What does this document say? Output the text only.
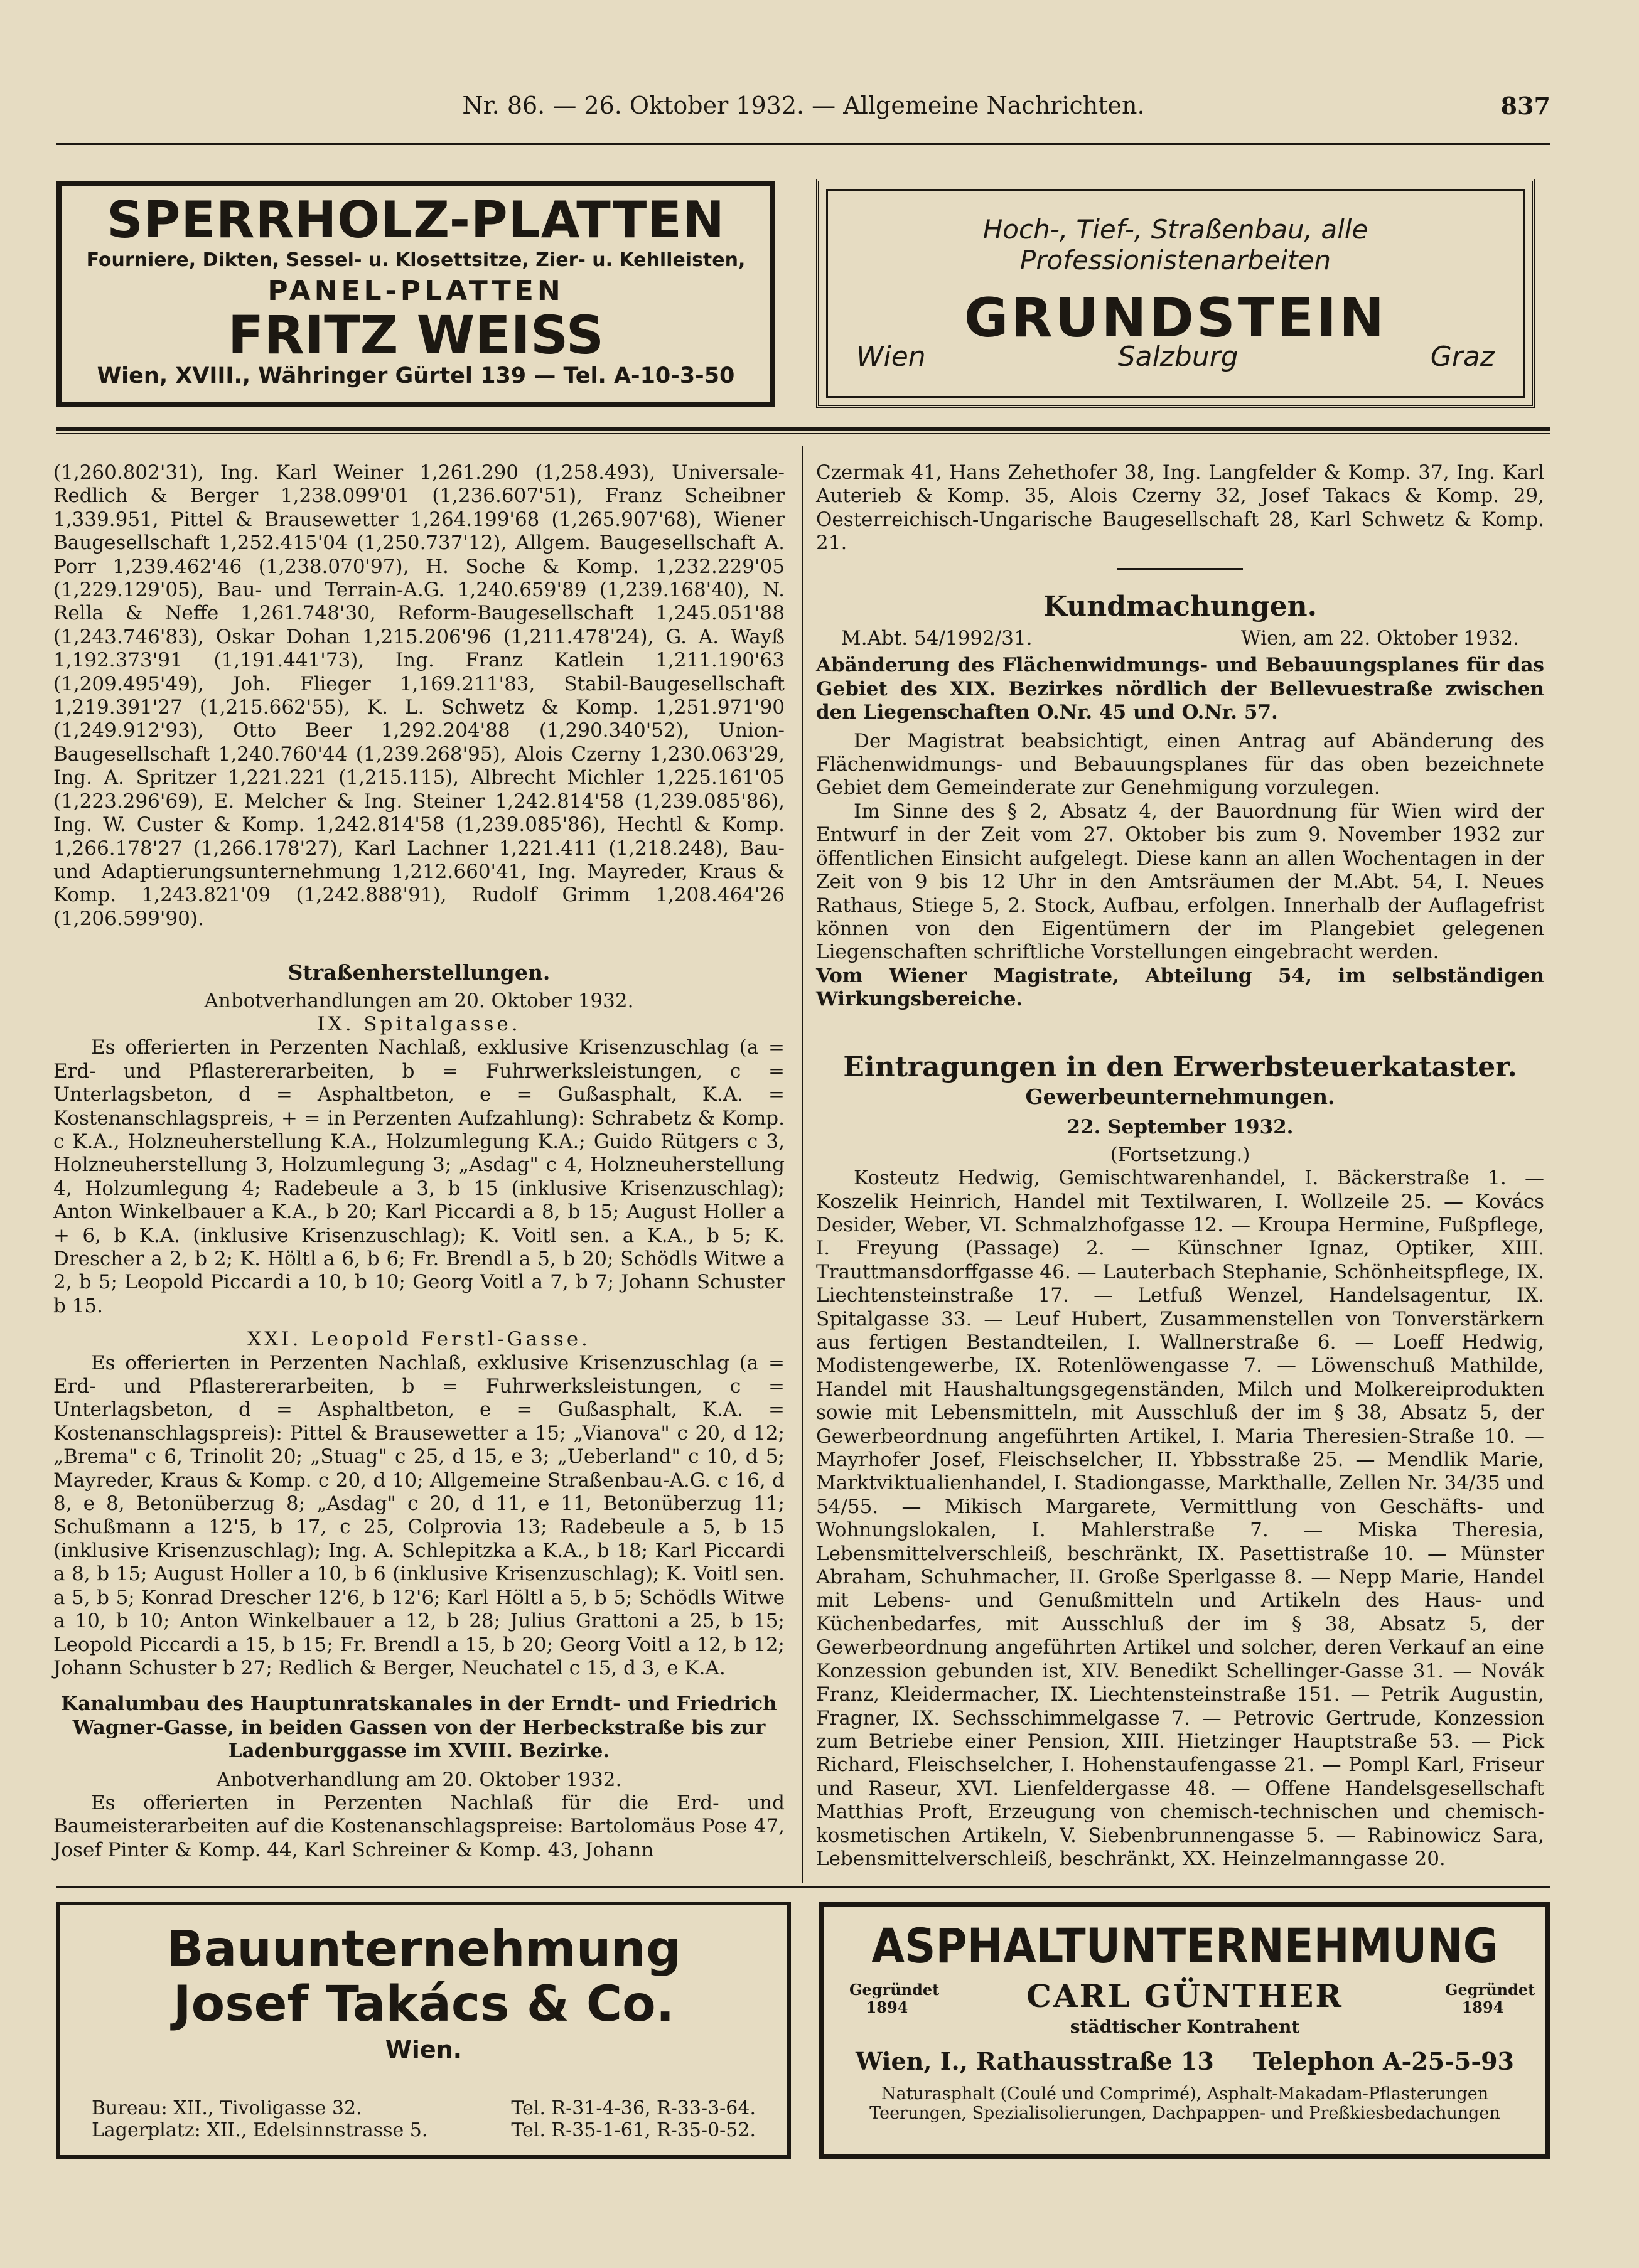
Nr. 86. — 26. Oktober 1932. — Allgemeine Nachrichten.	837
SPERRHOLZ-PLATTEN
Fourniere, Dikten, Sessel- u. Klosettsitze, Zier- u. Kehlleisten,
PANEL-PLATTEN
FRITZ WEISS
Wien, XVIII., Währinger Gürtel 139 — Tel. A-10-3-50
Hoch-, Tief-, Straßenbau, alle Professionistenarbeiten
GRUNDSTEIN
Wien	Salzburg	Graz

(1,260.802'31), Ing. Karl Weiner 1,261.290 (1,258.493), Universale-Redlich & Berger 1,238.099'01 (1,236.607'51), Franz Scheibner 1,339.951, Pittel & Brausewetter 1,264.199'68 (1,265.907'68), Wiener Baugesellschaft 1,252.415'04 (1,250.737'12), Allgem. Baugesellschaft A. Porr 1,239.462'46 (1,238.070'97), H. Soche & Komp. 1,232.229'05 (1,229.129'05), Bau- und Terrain-A.G. 1,240.659'89 (1,239.168'40), N. Rella & Neffe 1,261.748'30, Reform-Baugesellschaft 1,245.051'88 (1,243.746'83), Oskar Dohan 1,215.206'96 (1,211.478'24), G. A. Wayß 1,192.373'91 (1,191.441'73), Ing. Franz Katlein 1,211.190'63 (1,209.495'49), Joh. Flieger 1,169.211'83, Stabil-Baugesellschaft 1,219.391'27 (1,215.662'55), K. L. Schwetz & Komp. 1,251.971'90 (1,249.912'93), Otto Beer 1,292.204'88 (1,290.340'52), Union-Baugesellschaft 1,240.760'44 (1,239.268'95), Alois Czerny 1,230.063'29, Ing. A. Spritzer 1,221.221 (1,215.115), Albrecht Michler 1,225.161'05 (1,223.296'69), E. Melcher & Ing. Steiner 1,242.814'58 (1,239.085'86), Ing. W. Custer & Komp. 1,242.814'58 (1,239.085'86), Hechtl & Komp. 1,266.178'27 (1,266.178'27), Karl Lachner 1,221.411 (1,218.248), Bau- und Adaptierungsunternehmung 1,212.660'41, Ing. Mayreder, Kraus & Komp. 1,243.821'09 (1,242.888'91), Rudolf Grimm 1,208.464'26 (1,206.599'90).

Straßenherstellungen.
Anbotverhandlungen am 20. Oktober 1932.
IX. Spitalgasse.

Es offerierten in Perzenten Nachlaß, exklusive Krisenzuschlag (a = Erd- und Pflastererarbeiten, b = Fuhrwerksleistungen, c = Unterlagsbeton, d = Asphaltbeton, e = Gußasphalt, K.A. = Kostenanschlagspreis, + = in Perzenten Aufzahlung): Schrabetz & Komp. c K.A., Holzneuherstellung K.A., Holzumlegung K.A.; Guido Rütgers c 3, Holzneuherstellung 3, Holzumlegung 3; „Asdag" c 4, Holzneuherstellung 4, Holzumlegung 4; Radebeule a 3, b 15 (inklusive Krisenzuschlag); Anton Winkelbauer a K.A., b 20; Karl Piccardi a 8, b 15; August Holler a + 6, b K.A. (inklusive Krisenzuschlag); K. Voitl sen. a K.A., b 5; K. Drescher a 2, b 2; K. Höltl a 6, b 6; Fr. Brendl a 5, b 20; Schödls Witwe a 2, b 5; Leopold Piccardi a 10, b 10; Georg Voitl a 7, b 7; Johann Schuster b 15.

XXI. Leopold Ferstl-Gasse.

Es offerierten in Perzenten Nachlaß, exklusive Krisenzuschlag (a = Erd- und Pflastererarbeiten, b = Fuhrwerksleistungen, c = Unterlagsbeton, d = Asphaltbeton, e = Gußasphalt, K.A. = Kostenanschlagspreis): Pittel & Brausewetter a 15; „Vianova" c 20, d 12; „Brema" c 6, Trinolit 20; „Stuag" c 25, d 15, e 3; „Ueberland" c 10, d 5; Mayreder, Kraus & Komp. c 20, d 10; Allgemeine Straßenbau-A.G. c 16, d 8, e 8, Betonüberzug 8; „Asdag" c 20, d 11, e 11, Betonüberzug 11; Schußmann a 12'5, b 17, c 25, Colprovia 13; Radebeule a 5, b 15 (inklusive Krisenzuschlag); Ing. A. Schlepitzka a K.A., b 18; Karl Piccardi a 8, b 15; August Holler a 10, b 6 (inklusive Krisenzuschlag); K. Voitl sen. a 5, b 5; Konrad Drescher 12'6, b 12'6; Karl Höltl a 5, b 5; Schödls Witwe a 10, b 10; Anton Winkelbauer a 12, b 28; Julius Grattoni a 25, b 15; Leopold Piccardi a 15, b 15; Fr. Brendl a 15, b 20; Georg Voitl a 12, b 12; Johann Schuster b 27; Redlich & Berger, Neuchatel c 15, d 3, e K.A.

Kanalumbau des Hauptunratskanales in der Erndt- und Friedrich Wagner-Gasse, in beiden Gassen von der Herbeckstraße bis zur Ladenburggasse im XVIII. Bezirke.
Anbotverhandlung am 20. Oktober 1932.

Es offerierten in Perzenten Nachlaß für die Erd- und Baumeisterarbeiten auf die Kostenanschlagspreise: Bartolomäus Pose 47, Josef Pinter & Komp. 44, Karl Schreiner & Komp. 43, Johann

Czermak 41, Hans Zehethofer 38, Ing. Langfelder & Komp. 37, Ing. Karl Auterieb & Komp. 35, Alois Czerny 32, Josef Takacs & Komp. 29, Oesterreichisch-Ungarische Baugesellschaft 28, Karl Schwetz & Komp. 21.

Kundmachungen.
M.Abt. 54/1992/31.	Wien, am 22. Oktober 1932.
Abänderung des Flächenwidmungs- und Bebauungsplanes für das Gebiet des XIX. Bezirkes nördlich der Bellevuestraße zwischen den Liegenschaften O.Nr. 45 und O.Nr. 57.

Der Magistrat beabsichtigt, einen Antrag auf Abänderung des Flächenwidmungs- und Bebauungsplanes für das oben bezeichnete Gebiet dem Gemeinderate zur Genehmigung vorzulegen.

Im Sinne des § 2, Absatz 4, der Bauordnung für Wien wird der Entwurf in der Zeit vom 27. Oktober bis zum 9. November 1932 zur öffentlichen Einsicht aufgelegt. Diese kann an allen Wochentagen in der Zeit von 9 bis 12 Uhr in den Amtsräumen der M.Abt. 54, I. Neues Rathaus, Stiege 5, 2. Stock, Aufbau, erfolgen. Innerhalb der Auflagefrist können von den Eigentümern der im Plangebiet gelegenen Liegenschaften schriftliche Vorstellungen eingebracht werden.

Vom Wiener Magistrate, Abteilung 54, im selbständigen Wirkungsbereiche.
Eintragungen in den Erwerbsteuerkataster.
Gewerbeunternehmungen.
22. September 1932.
(Fortsetzung.)

Kosteutz Hedwig, Gemischtwarenhandel, I. Bäckerstraße 1. — Koszelik Heinrich, Handel mit Textilwaren, I. Wollzeile 25. — Kovács Desider, Weber, VI. Schmalzhofgasse 12. — Kroupa Hermine, Fußpflege, I. Freyung (Passage) 2. — Künschner Ignaz, Optiker, XIII. Trauttmansdorffgasse 46. — Lauterbach Stephanie, Schönheitspflege, IX. Liechtensteinstraße 17. — Letfuß Wenzel, Handelsagentur, IX. Spitalgasse 33. — Leuf Hubert, Zusammenstellen von Tonverstärkern aus fertigen Bestandteilen, I. Wallnerstraße 6. — Loeff Hedwig, Modistengewerbe, IX. Rotenlöwengasse 7. — Löwenschuß Mathilde, Handel mit Haushaltungsgegenständen, Milch und Molkereiprodukten sowie mit Lebensmitteln, mit Ausschluß der im § 38, Absatz 5, der Gewerbeordnung angeführten Artikel, I. Maria Theresien-Straße 10. — Mayrhofer Josef, Fleischselcher, II. Ybbsstraße 25. — Mendlik Marie, Marktviktualienhandel, I. Stadiongasse, Markthalle, Zellen Nr. 34/35 und 54/55. — Mikisch Margarete, Vermittlung von Geschäfts- und Wohnungslokalen, I. Mahlerstraße 7. — Miska Theresia, Lebensmittelverschleiß, beschränkt, IX. Pasettistraße 10. — Münster Abraham, Schuhmacher, II. Große Sperlgasse 8. — Nepp Marie, Handel mit Lebens- und Genußmitteln und Artikeln des Haus- und Küchenbedarfes, mit Ausschluß der im § 38, Absatz 5, der Gewerbeordnung angeführten Artikel und solcher, deren Verkauf an eine Konzession gebunden ist, XIV. Benedikt Schellinger-Gasse 31. — Novák Franz, Kleidermacher, IX. Liechtensteinstraße 151. — Petrik Augustin, Fragner, IX. Sechsschimmelgasse 7. — Petrovic Gertrude, Konzession zum Betriebe einer Pension, XIII. Hietzinger Hauptstraße 53. — Pick Richard, Fleischselcher, I. Hohenstaufengasse 21. — Pompl Karl, Friseur und Raseur, XVI. Lienfeldergasse 48. — Offene Handelsgesellschaft Matthias Proft, Erzeugung von chemisch-technischen und chemisch-kosmetischen Artikeln, V. Siebenbrunnengasse 5. — Rabinowicz Sara, Lebensmittelverschleiß, beschränkt, XX. Heinzelmanngasse 20.

Bauunternehmung
Josef Takács & Co.
Wien.
Bureau: XII., Tivoligasse 32.	Tel. R-31-4-36, R-33-3-64.
Lagerplatz: XII., Edelsinnstrasse 5.	Tel. R-35-1-61, R-35-0-52.
ASPHALTUNTERNEHMUNG
Gegründet 1894	CARL GÜNTHER	Gegründet 1894
städtischer Kontrahent
Wien, I., Rathausstraße 13 Telephon A-25-5-93
Naturasphalt (Coulé und Comprimé), Asphalt-Makadam-Pflasterungen
Teerungen, Spezialisolierungen, Dachpappen- und Preßkiesbedachungen
